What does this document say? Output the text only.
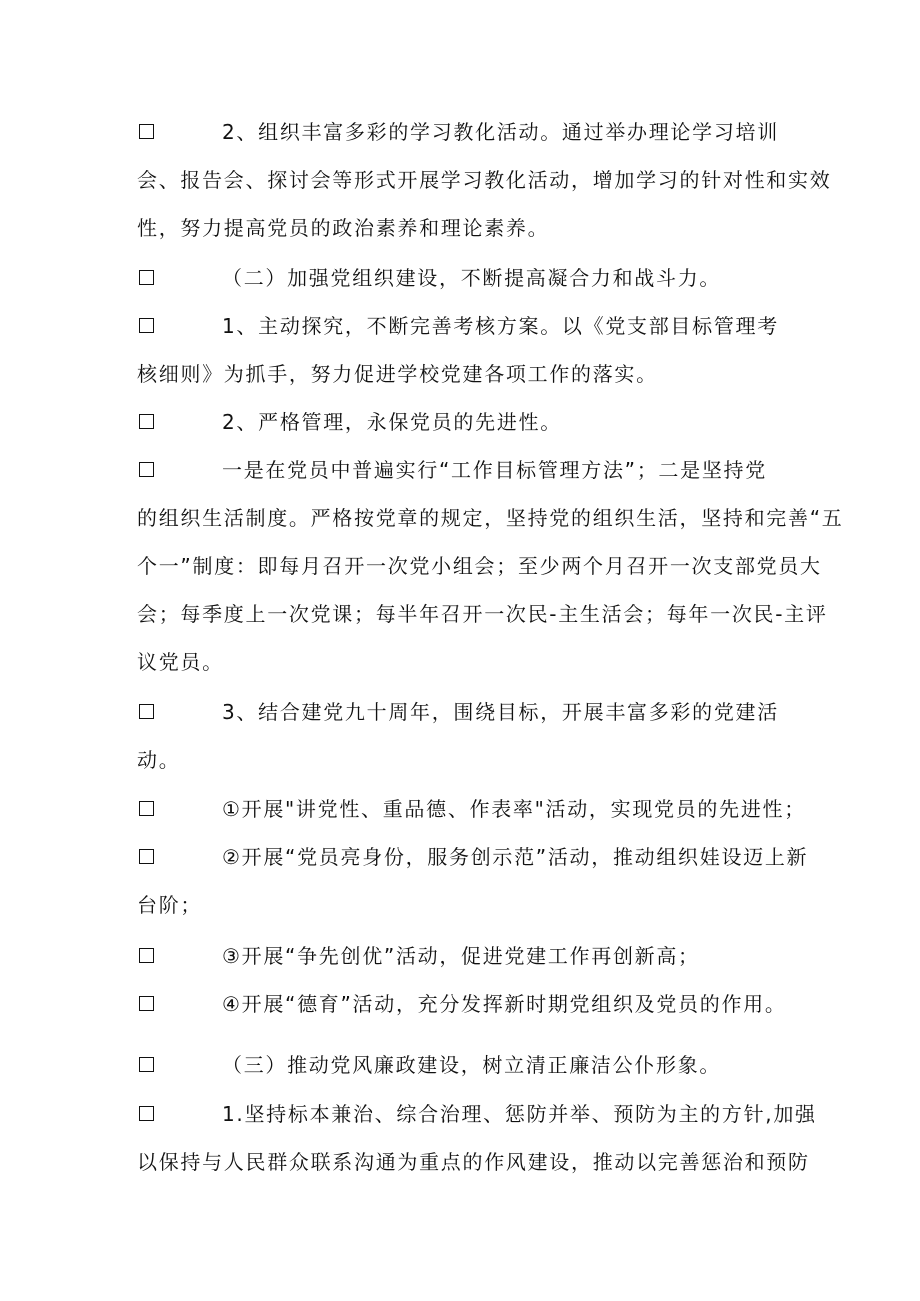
2、组织丰富多彩的学习教化活动。通过举办理论学习培训
会、报告会、探讨会等形式开展学习教化活动，增加学习的针对性和实效
性，努力提高党员的政治素养和理论素养。
（二）加强党组织建设，不断提高凝合力和战斗力。
1、主动探究，不断完善考核方案。以《党支部目标管理考
核细则》为抓手，努力促进学校党建各项工作的落实。
2、严格管理，永保党员的先进性。
一是在党员中普遍实行“工作目标管理方法”；二是坚持党
的组织生活制度。严格按党章的规定，坚持党的组织生活，坚持和完善“五
个一”制度：即每月召开一次党小组会；至少两个月召开一次支部党员大
会；每季度上一次党课；每半年召开一次民-主生活会；每年一次民-主评
议党员。
3、结合建党九十周年，围绕目标，开展丰富多彩的党建活
动。
①开展"讲党性、重品德、作表率"活动，实现党员的先进性；
②开展“党员亮身份，服务创示范”活动，推动组织娃设迈上新
台阶；
③开展“争先创优”活动，促进党建工作再创新高；
④开展“德育”活动，充分发挥新时期党组织及党员的作用。
（三）推动党风廉政建设，树立清正廉洁公仆形象。
1.坚持标本兼治、综合治理、惩防并举、预防为主的方针,加强
以保持与人民群众联系沟通为重点的作风建设，推动以完善惩治和预防
